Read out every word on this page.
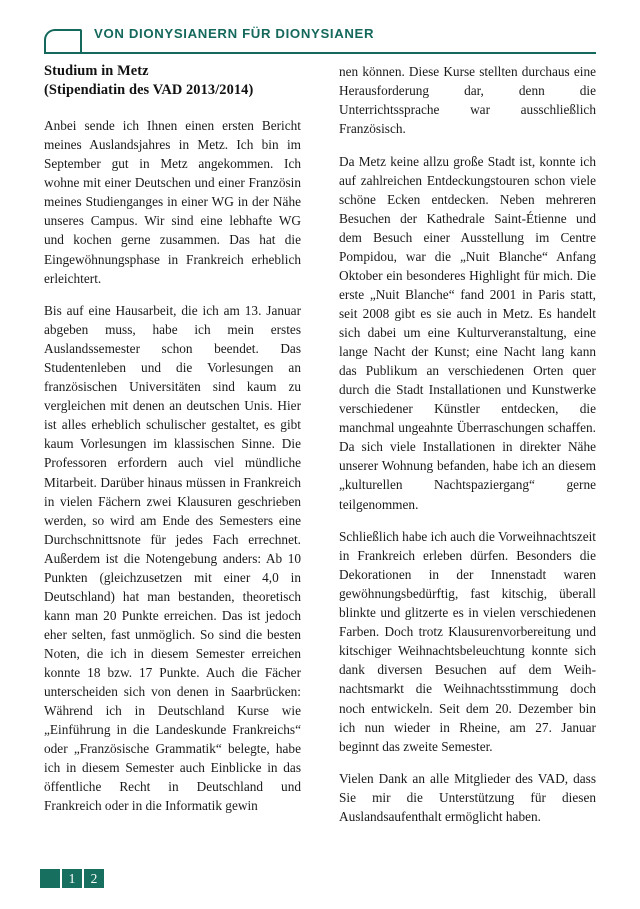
VON DIONYSIANERN FÜR DIONYSIANER
Studium in Metz
(Stipendiatin des VAD 2013/2014)

Anbei sende ich Ihnen einen ersten Bericht meines Auslandsjahres in Metz. Ich bin im September gut in Metz angekommen. Ich wohne mit einer Deutschen und einer Französin meines Studienganges in einer WG in der Nähe unseres Campus. Wir sind eine lebhafte WG und kochen gerne zusammen. Das hat die Eingewöhnungsphase in Frankreich erheblich erleichtert.

Bis auf eine Hausarbeit, die ich am 13. Januar abgeben muss, habe ich mein erstes Auslandssemester schon beendet. Das Studentenleben und die Vorlesungen an französischen Universitäten sind kaum zu vergleichen mit denen an deutschen Unis. Hier ist alles erheblich schulischer gestaltet, es gibt kaum Vorlesungen im klassischen Sinne. Die Professoren erfordern auch viel mündliche Mitarbeit. Darüber hinaus müssen in Frankreich in vielen Fächern zwei Klausuren geschrieben werden, so wird am Ende des Semesters eine Durchschnittsnote für jedes Fach errechnet. Außerdem ist die Notengebung anders: Ab 10 Punkten (gleichzusetzen mit einer 4,0 in Deutschland) hat man bestanden, theoretisch kann man 20 Punkte erreichen. Das ist jedoch eher selten, fast unmöglich. So sind die besten Noten, die ich in diesem Semester erreichen konnte 18 bzw. 17 Punkte. Auch die Fächer unterscheiden sich von denen in Saarbrücken: Während ich in Deutschland Kurse wie „Einführung in die Landeskunde Frankreichs“ oder „Französische Grammatik“ belegte, habe ich in diesem Semester auch Einblicke in das öffentliche Recht in Deutschland und Frankreich oder in die Informatik gewin

nen können. Diese Kurse stellten durchaus eine Herausforderung dar, denn die Unterrichtssprache war ausschließlich Französisch.

Da Metz keine allzu große Stadt ist, konnte ich auf zahlreichen Entdeckungstouren schon viele schöne Ecken entdecken. Neben mehreren Besuchen der Kathedrale Saint-Étienne und dem Besuch einer Ausstellung im Centre Pompidou, war die „Nuit Blanche“ Anfang Oktober ein besonderes Highlight für mich. Die erste „Nuit Blanche“ fand 2001 in Paris statt, seit 2008 gibt es sie auch in Metz. Es handelt sich dabei um eine Kulturveranstaltung, eine lange Nacht der Kunst; eine Nacht lang kann das Publikum an verschiedenen Orten quer durch die Stadt Installationen und Kunstwerke verschiedener Künstler entdecken, die manchmal ungeahnte Überraschungen schaffen. Da sich viele Installationen in direkter Nähe unserer Wohnung befanden, habe ich an diesem „kulturellen Nachtspaziergang“ gerne teilgenommen.

Schließlich habe ich auch die Vorweihnachtszeit in Frankreich erleben dürfen. Besonders die Dekorationen in der Innenstadt waren gewöhnungsbedürftig, fast kitschig, überall blinkte und glitzerte es in vielen verschiedenen Farben. Doch trotz Klausurenvorbereitung und kitschiger Weihnachtsbeleuchtung konnte sich dank diversen Besuchen auf dem Weihnachtsmarkt die Weihnachtsstimmung doch noch entwickeln. Seit dem 20. Dezember bin ich nun wieder in Rheine, am 27. Januar beginnt das zweite Semester.

Vielen Dank an alle Mitglieder des VAD, dass Sie mir die Unterstützung für diesen Auslandsaufenthalt ermöglicht haben.

1	2
